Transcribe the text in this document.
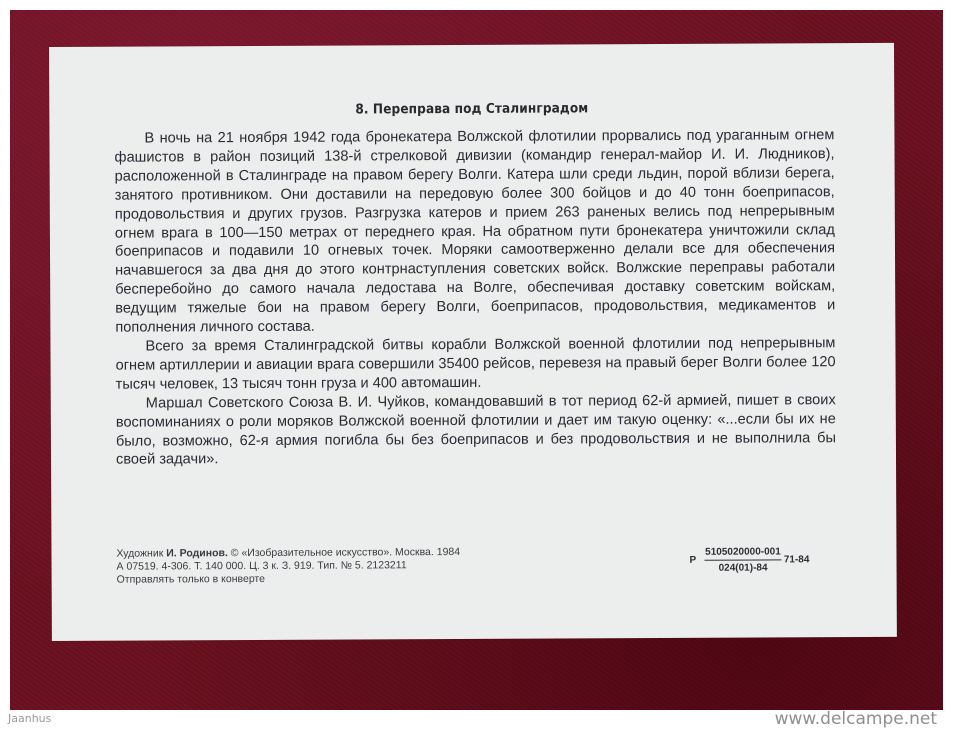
8. Переправа под Сталинградом

В ночь на 21 ноября 1942 года бронекатера Волжской флотилии прорвались под ураганным огнем фашистов в район позиций 138-й стрелковой дивизии (командир генерал-майор И. И. Людников), расположенной в Сталинграде на правом берегу Волги. Катера шли среди льдин, порой вблизи берега, занятого противником. Они доставили на передовую более 300 бойцов и до 40 тонн боеприпасов, продовольствия и других грузов. Разгрузка катеров и прием 263 раненых велись под непрерывным огнем врага в 100—150 метрах от переднего края. На обратном пути бронекатера уничтожили склад боеприпасов и подавили 10 огневых точек. Моряки самоотверженно делали все для обеспечения начавшегося за два дня до этого контрнаступления советских войск. Волжские переправы работали бесперебойно до самого начала ледостава на Волге, обеспечивая доставку советским войскам, ведущим тяжелые бои на правом берегу Волги, боеприпасов, продовольствия, медикаментов и пополнения личного состава.

Всего за время Сталинградской битвы корабли Волжской военной флотилии под непрерывным огнем артиллерии и авиации врага совершили 35400 рейсов, перевезя на правый берег Волги более 120 тысяч человек, 13 тысяч тонн груза и 400 автомашин.

Маршал Советского Союза В. И. Чуйков, командовавший в тот период 62-й армией, пишет в своих воспоминаниях о роли моряков Волжской военной флотилии и дает им такую оценку: «...если бы их не было, возможно, 62-я армия погибла бы без боеприпасов и без продовольствия и не выполнила бы своей задачи».

Художник И. Родинов. © «Изобразительное искусство». Москва. 1984
А 07519. 4-306. Т. 140 000. Ц. 3 к. З. 919. Тип. № 5. 2123211
Отправлять только в конверте
Р $\frac{5105020000-001}{024(01)-84} 71-84$
Jaanhus	www.delcampe.net
